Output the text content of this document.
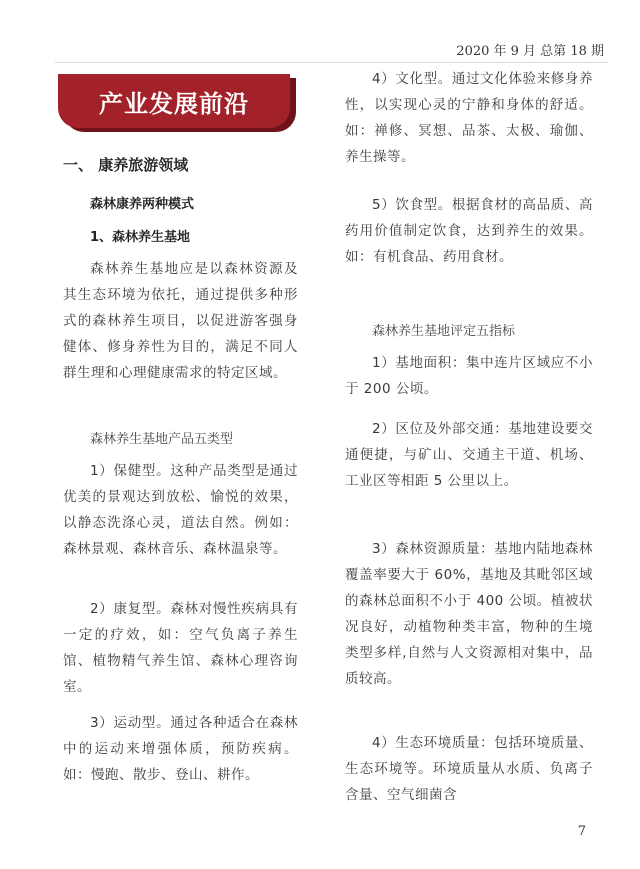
2020 年 9 月 总第 18 期
产业发展前沿
一、 康养旅游领域
森林康养两种模式
1、森林养生基地
森林养生基地应是以森林资源及其生态环境为依托，通过提供多种形式的森林养生项目，以促进游客强身健体、修身养性为目的，满足不同人群生理和心理健康需求的特定区域。
森林养生基地产品五类型
1）保健型。这种产品类型是通过优美的景观达到放松、愉悦的效果，以静态洗涤心灵，道法自然。例如：森林景观、森林音乐、森林温泉等。
2）康复型。森林对慢性疾病具有一定的疗效，如：空气负离子养生馆、植物精气养生馆、森林心理咨询室。
3）运动型。通过各种适合在森林中的运动来增强体质，预防疾病。如：慢跑、散步、登山、耕作。
4）文化型。通过文化体验来修身养性，以实现心灵的宁静和身体的舒适。如：禅修、冥想、品茶、太极、瑜伽、养生操等。
5）饮食型。根据食材的高品质、高药用价值制定饮食，达到养生的效果。如：有机食品、药用食材。
森林养生基地评定五指标
1）基地面积：集中连片区域应不小于 200 公顷。
2）区位及外部交通：基地建设要交通便捷，与矿山、交通主干道、机场、工业区等相距 5 公里以上。
3）森林资源质量：基地内陆地森林覆盖率要大于 60%，基地及其毗邻区域的森林总面积不小于 400 公顷。植被状况良好，动植物种类丰富，物种的生境类型多样,自然与人文资源相对集中，品质较高。
4）生态环境质量：包括环境质量、生态环境等。环境质量从水质、负离子含量、空气细菌含
7
